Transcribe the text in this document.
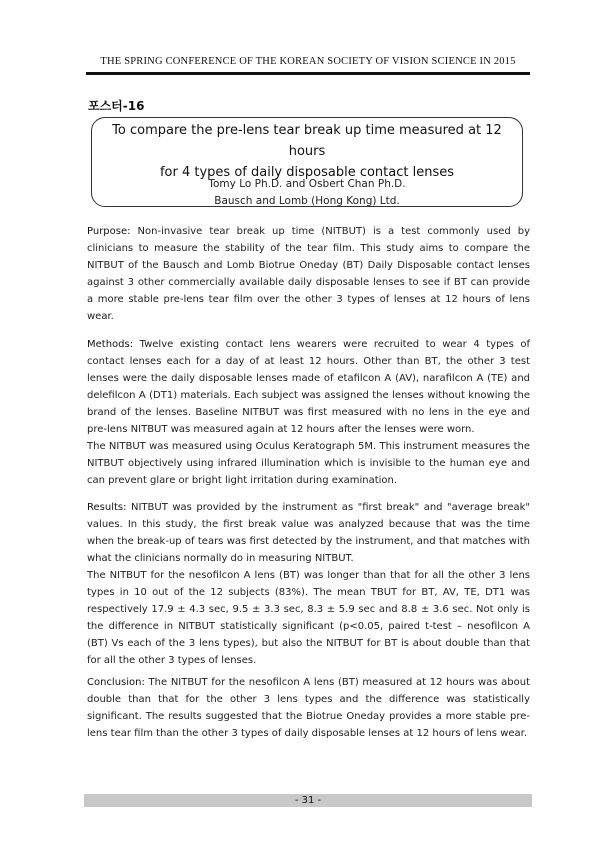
THE SPRING CONFERENCE OF THE KOREAN SOCIETY OF VISION SCIENCE IN 2015
포스터-16
To compare the pre-lens tear break up time measured at 12 hours
for 4 types of daily disposable contact lenses
Tomy Lo Ph.D. and Osbert Chan Ph.D.
Bausch and Lomb (Hong Kong) Ltd.

Purpose: Non-invasive tear break up time (NITBUT) is a test commonly used by clinicians to measure the stability of the tear film. This study aims to compare the NITBUT of the Bausch and Lomb Biotrue Oneday (BT) Daily Disposable contact lenses against 3 other commercially available daily disposable lenses to see if BT can provide a more stable pre-lens tear film over the other 3 types of lenses at 12 hours of lens wear.

Methods: Twelve existing contact lens wearers were recruited to wear 4 types of contact lenses each for a day of at least 12 hours. Other than BT, the other 3 test lenses were the daily disposable lenses made of etafilcon A (AV), narafilcon A (TE) and delefilcon A (DT1) materials. Each subject was assigned the lenses without knowing the brand of the lenses. Baseline NITBUT was first measured with no lens in the eye and pre-lens NITBUT was measured again at 12 hours after the lenses were worn.

The NITBUT was measured using Oculus Keratograph 5M. This instrument measures the NITBUT objectively using infrared illumination which is invisible to the human eye and can prevent glare or bright light irritation during examination.

Results: NITBUT was provided by the instrument as "first break" and "average break" values. In this study, the first break value was analyzed because that was the time when the break-up of tears was first detected by the instrument, and that matches with what the clinicians normally do in measuring NITBUT.

The NITBUT for the nesofilcon A lens (BT) was longer than that for all the other 3 lens types in 10 out of the 12 subjects (83%). The mean TBUT for BT, AV, TE, DT1 was respectively 17.9 ± 4.3 sec, 9.5 ± 3.3 sec, 8.3 ± 5.9 sec and 8.8 ± 3.6 sec. Not only is the difference in NITBUT statistically significant (p<0.05, paired t-test – nesofilcon A (BT) Vs each of the 3 lens types), but also the NITBUT for BT is about double than that for all the other 3 types of lenses.

Conclusion: The NITBUT for the nesofilcon A lens (BT) measured at 12 hours was about double than that for the other 3 lens types and the difference was statistically significant. The results suggested that the Biotrue Oneday provides a more stable pre-lens tear film than the other 3 types of daily disposable lenses at 12 hours of lens wear.

- 31 -
